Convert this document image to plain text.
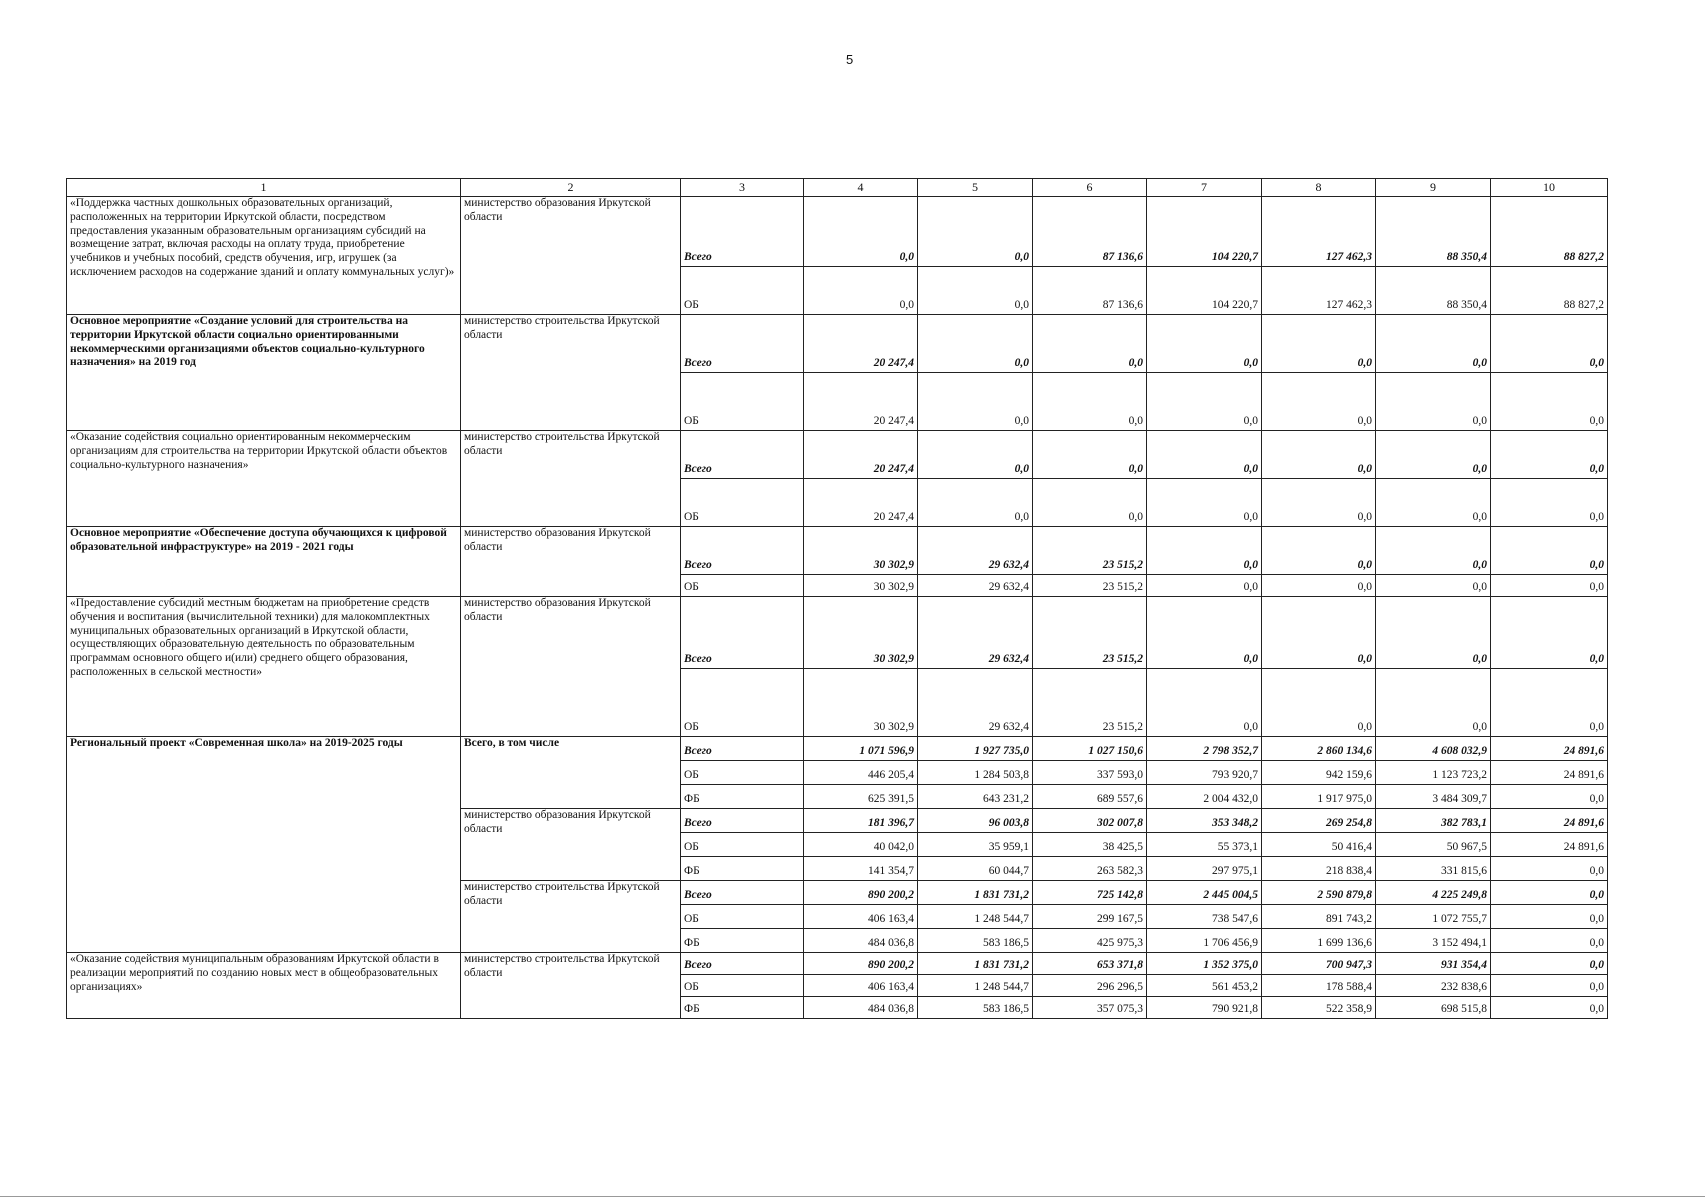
5
1	2	3	4	5	6	7	8	9	10
«Поддержка частных дошкольных образовательных организаций, расположенных на территории Иркутской области, посредством предоставления указанным образовательным организациям субсидий на возмещение затрат, включая расходы на оплату труда, приобретение учебников и учебных пособий, средств обучения, игр, игрушек (за исключением расходов на содержание зданий и оплату коммунальных услуг)»	министерство образования Иркутской области	Всего	0,0	0,0	87 136,6	104 220,7	127 462,3	88 350,4	88 827,2
		ОБ	0,0	0,0	87 136,6	104 220,7	127 462,3	88 350,4	88 827,2
Основное мероприятие «Создание условий для строительства на территории Иркутской области социально ориентированными некоммерческими организациями объектов социально-культурного назначения» на 2019 год	министерство строительства Иркутской области	Всего	20 247,4	0,0	0,0	0,0	0,0	0,0	0,0
		ОБ	20 247,4	0,0	0,0	0,0	0,0	0,0	0,0
«Оказание содействия социально ориентированным некоммерческим организациям для строительства на территории Иркутской области объектов социально-культурного назначения»	министерство строительства Иркутской области	Всего	20 247,4	0,0	0,0	0,0	0,0	0,0	0,0
		ОБ	20 247,4	0,0	0,0	0,0	0,0	0,0	0,0
Основное мероприятие «Обеспечение доступа обучающихся к цифровой образовательной инфраструктуре» на 2019 - 2021 годы	министерство образования Иркутской области	Всего	30 302,9	29 632,4	23 515,2	0,0	0,0	0,0	0,0
		ОБ	30 302,9	29 632,4	23 515,2	0,0	0,0	0,0	0,0
«Предоставление субсидий местным бюджетам на приобретение средств обучения и воспитания (вычислительной техники) для малокомплектных муниципальных образовательных организаций в Иркутской области, осуществляющих образовательную деятельность по образовательным программам основного общего и(или) среднего общего образования, расположенных в сельской местности»	министерство образования Иркутской области	Всего	30 302,9	29 632,4	23 515,2	0,0	0,0	0,0	0,0
		ОБ	30 302,9	29 632,4	23 515,2	0,0	0,0	0,0	0,0
Региональный проект «Современная школа» на 2019-2025 годы	Всего, в том числе	Всего	1 071 596,9	1 927 735,0	1 027 150,6	2 798 352,7	2 860 134,6	4 608 032,9	24 891,6
		ОБ	446 205,4	1 284 503,8	337 593,0	793 920,7	942 159,6	1 123 723,2	24 891,6
		ФБ	625 391,5	643 231,2	689 557,6	2 004 432,0	1 917 975,0	3 484 309,7	0,0
	министерство образования Иркутской области	Всего	181 396,7	96 003,8	302 007,8	353 348,2	269 254,8	382 783,1	24 891,6
		ОБ	40 042,0	35 959,1	38 425,5	55 373,1	50 416,4	50 967,5	24 891,6
		ФБ	141 354,7	60 044,7	263 582,3	297 975,1	218 838,4	331 815,6	0,0
	министерство строительства Иркутской области	Всего	890 200,2	1 831 731,2	725 142,8	2 445 004,5	2 590 879,8	4 225 249,8	0,0
		ОБ	406 163,4	1 248 544,7	299 167,5	738 547,6	891 743,2	1 072 755,7	0,0
		ФБ	484 036,8	583 186,5	425 975,3	1 706 456,9	1 699 136,6	3 152 494,1	0,0
«Оказание содействия муниципальным образованиям Иркутской области в реализации мероприятий по созданию новых мест в общеобразовательных организациях»	министерство строительства Иркутской области	Всего	890 200,2	1 831 731,2	653 371,8	1 352 375,0	700 947,3	931 354,4	0,0
		ОБ	406 163,4	1 248 544,7	296 296,5	561 453,2	178 588,4	232 838,6	0,0
		ФБ	484 036,8	583 186,5	357 075,3	790 921,8	522 358,9	698 515,8	0,0
